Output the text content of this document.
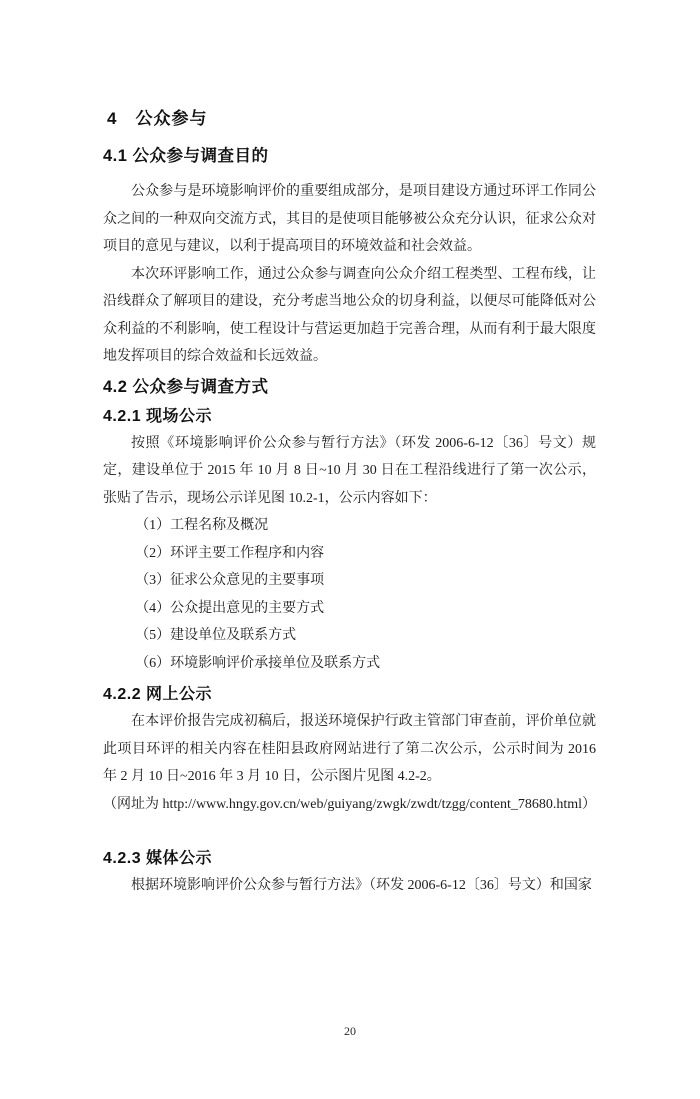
4　公众参与
4.1 公众参与调查目的

公众参与是环境影响评价的重要组成部分，是项目建设方通过环评工作同公众之间的一种双向交流方式，其目的是使项目能够被公众充分认识，征求公众对项目的意见与建议，以利于提高项目的环境效益和社会效益。

本次环评影响工作，通过公众参与调查向公众介绍工程类型、工程布线，让沿线群众了解项目的建设，充分考虑当地公众的切身利益，以便尽可能降低对公众利益的不利影响，使工程设计与营运更加趋于完善合理，从而有利于最大限度地发挥项目的综合效益和长远效益。

4.2 公众参与调查方式
4.2.1 现场公示

按照《环境影响评价公众参与暂行方法》（环发 2006-6-12〔36〕号文）规定，建设单位于 2015 年 10 月 8 日~10 月 30 日在工程沿线进行了第一次公示，张贴了告示，现场公示详见图 10.2-1，公示内容如下：

（1）工程名称及概况

（2）环评主要工作程序和内容

（3）征求公众意见的主要事项

（4）公众提出意见的主要方式

（5）建设单位及联系方式

（6）环境影响评价承接单位及联系方式

4.2.2 网上公示

在本评价报告完成初稿后，报送环境保护行政主管部门审查前，评价单位就此项目环评的相关内容在桂阳县政府网站进行了第二次公示，公示时间为 2016 年 2 月 10 日~2016 年 3 月 10 日，公示图片见图 4.2-2。

（网址为 http://www.hngy.gov.cn/web/guiyang/zwgk/zwdt/tzgg/content_78680.html）

4.2.3 媒体公示

根据环境影响评价公众参与暂行方法》（环发 2006-6-12〔36〕号文）和国家

20
